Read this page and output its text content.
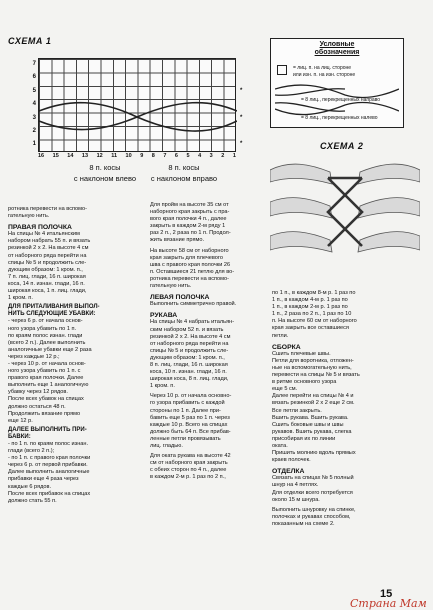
СХЕМА 1
7
6
5
4
3
2
1
*
*
*
16 15 14 13 12 11 10 9 8 7 6 5 4 3 2 1
8 п. косы
с наклоном влево
8 п. косы
с наклоном вправо
Условные
обозначения
= лиц. п. на лиц. стороне
или изн. п. на изн. стороне
= 8 лиц., перекрещенных направо
= 8 лиц., перекрещенных налево
СХЕМА 2

ротника перевести на вспомо-

гательную нить.

ПРАВАЯ ПОЛОЧКА

На спицы № 4 итальянским

набором набрать 55 п. и вязать

резинкой 2 х 2. На высоте 4 см

от наборного ряда перейти на

спицы № 5 и продолжить сле-

дующим образом: 1 кром. п.,

7 п. лиц. глади, 16 п. широкая

коса, 14 п. изнан. глади, 16 п.

широкая коса, 1 п. лиц. глади,

1 кром. п.

ДЛЯ ПРИТАЛИВАНИЯ ВЫПОЛ-
НИТЬ СЛЕДУЮЩИЕ УБАВКИ:

- через 6 р. от начала основ-

ного узора убавить по 1 п.

по краям полос изнан. глади

(всего 2 п.). Далее выполнить

аналогичные убавки еще 2 раза

через каждые 12 р.;

- через 10 р. от начала основ-

ного узора убавить по 1 п. с

правого края полочки. Далее

выполнить еще 1 аналогичную

убавку через 12 рядов.

После всех убавок на спицах

должно остаться 48 п.

Продолжить вязание прямо

еще 12 р.

ДАЛЕЕ ВЫПОЛНИТЬ ПРИ-
БАВКИ:

- по 1 п. по краям полос изнан.

глади (всего 2 п.);

- по 1 п. с правого края полочки

через 6 р. от первой прибавки.

Далее выполнить аналогичные

прибавки еще 4 раза через

каждые 6 рядов.

После всех прибавок на спицах

должно стать 55 п.

Для пройм на высоте 35 см от

наборного края закрыть с пра-

вого края полочки 4 п., далее

закрыть в каждом 2-м ряду 1

раз 2 п., 2 раза по 1 п. Продол-

жить вязание прямо.

На высоте 58 см от наборного

края закрыть для плечевого

шва с правого края полочки 26

п. Оставшиеся 21 петлю для во-

ротника перевести на вспомо-

гательную нить.

ЛЕВАЯ ПОЛОЧКА

Выполнить симметрично правой.

РУКАВА

На спицы № 4 набрать итальян-

ским набором 52 п. и вязать

резинкой 2 х 2. На высоте 4 см

от наборного ряда перейти на

спицы № 5 и продолжить сле-

дующим образом: 1 кром. п.,

8 п. лиц. глади, 16 п. широкая

коса, 10 п. изнан. глади, 16 п.

широкая коса, 8 п. лиц. глади,

1 кром. п.

Через 10 р. от начала основно-

го узора прибавить с каждой

стороны по 1 п. Далее при-

бавить еще 5 раз по 1 п. через

каждые 10 р. Всего на спицах

должно быть 64 п. Все прибав-

ленные петли провязывать

лиц. гладью.

Для оката рукава на высоте 42

см от наборного края закрыть

с обеих сторон по 4 п., далее

в каждом 2-м р. 1 раз по 2 п.,

по 1 п., в каждом 8-м р. 1 раз по

1 п., в каждом 4-м р. 1 раз по

1 п., в каждом 2-м р. 1 раз по

1 п., 2 раза по 2 п., 1 раз по 10

п. На высоте 60 см от наборного

края закрыть все оставшиеся

петли.

СБОРКА

Сшить плечевые швы.

Петли для воротника, отложен-

ные на вспомогательную нить,

перевести на спицы № 5 и вязать

в ритме основного узора

еще 5 см.

Далее перейти на спицы № 4 и

вязать резинкой 2 х 2 еще 2 см.

Все петли закрыть.

Вшить рукава. Вшить рукава.

Сшить боковые швы и швы

рукавов. Вшить рукава, слегка

присобирая их по линии

оката.

Пришить молнию вдоль прямых

краев полочек.

ОТДЕЛКА

Связать на спицах № 5 полный

шнур на 4 петлях.

Для отделки всего потребуется

около 15 м шнура.

Выполнить шнуровку на спинке,

полочках и рукавах способом,

показанным на схеме 2.

15
Страна Мам
